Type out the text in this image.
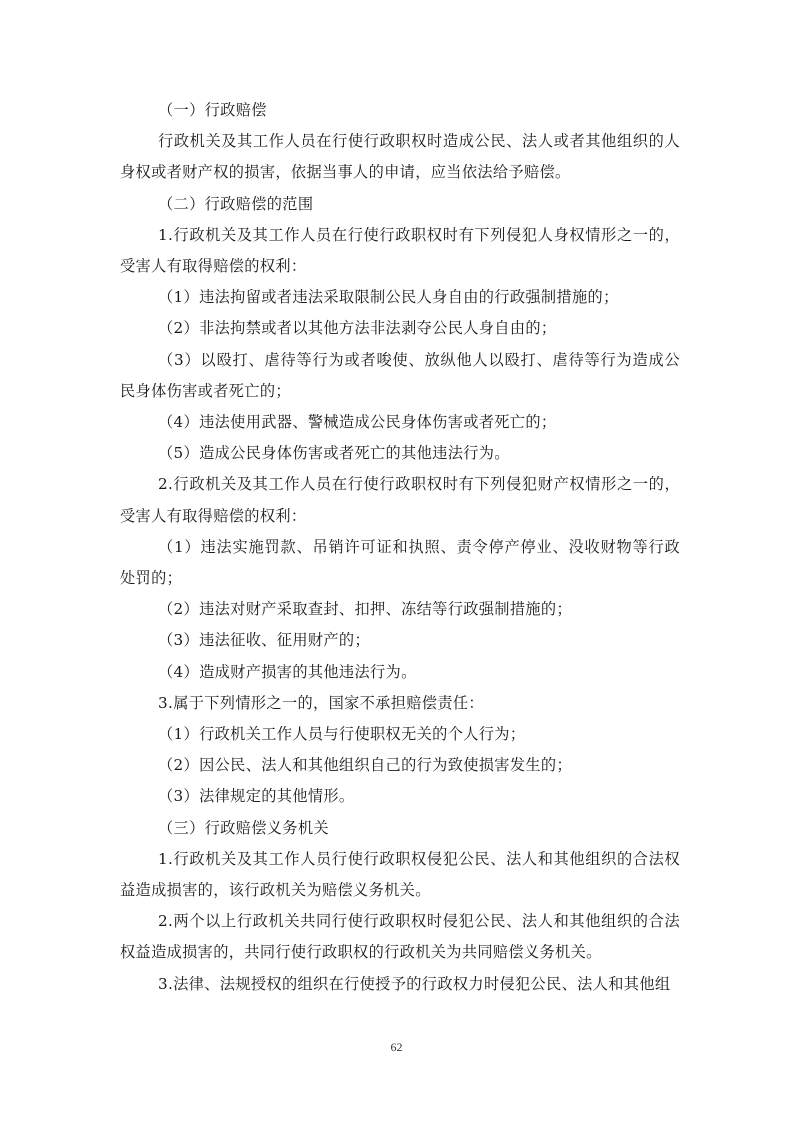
（一）行政赔偿

行政机关及其工作人员在行使行政职权时造成公民、法人或者其他组织的人身权或者财产权的损害，依据当事人的申请，应当依法给予赔偿。

（二）行政赔偿的范围

1.行政机关及其工作人员在行使行政职权时有下列侵犯人身权情形之一的，受害人有取得赔偿的权利：

（1）违法拘留或者违法采取限制公民人身自由的行政强制措施的；

（2）非法拘禁或者以其他方法非法剥夺公民人身自由的；

（3）以殴打、虐待等行为或者唆使、放纵他人以殴打、虐待等行为造成公民身体伤害或者死亡的；

（4）违法使用武器、警械造成公民身体伤害或者死亡的；

（5）造成公民身体伤害或者死亡的其他违法行为。

2.行政机关及其工作人员在行使行政职权时有下列侵犯财产权情形之一的，受害人有取得赔偿的权利：

（1）违法实施罚款、吊销许可证和执照、责令停产停业、没收财物等行政处罚的；

（2）违法对财产采取查封、扣押、冻结等行政强制措施的；

（3）违法征收、征用财产的；

（4）造成财产损害的其他违法行为。

3.属于下列情形之一的，国家不承担赔偿责任：

（1）行政机关工作人员与行使职权无关的个人行为；

（2）因公民、法人和其他组织自己的行为致使损害发生的；

（3）法律规定的其他情形。

（三）行政赔偿义务机关

1.行政机关及其工作人员行使行政职权侵犯公民、法人和其他组织的合法权益造成损害的，该行政机关为赔偿义务机关。

2.两个以上行政机关共同行使行政职权时侵犯公民、法人和其他组织的合法权益造成损害的，共同行使行政职权的行政机关为共同赔偿义务机关。

3.法律、法规授权的组织在行使授予的行政权力时侵犯公民、法人和其他组

62
